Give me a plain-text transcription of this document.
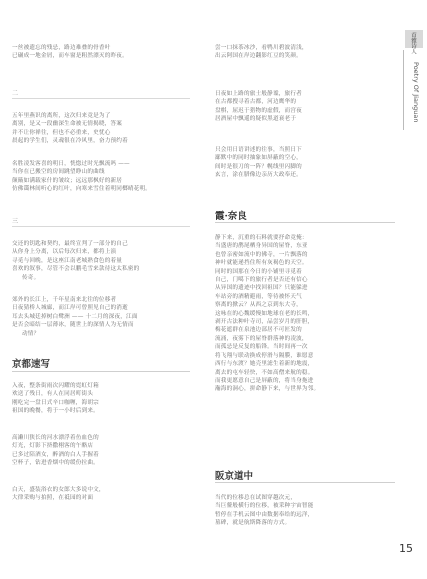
首雅诗人
Poetry Of Jianguan
一丝被遗忘的残忌，路边难叠的骨香叶
已碾成一地金屑，而车窗是粗然漂灭的昨夜。
二
五年里燕识的离所，这次归来竟是为了
离别，是又一段幽深生命被无情揭晓，答案
并不让你禅往，但也不必重来，史忧心
晨起的学生们，灵魂很在冷风里，奋力预约着
名胜凌发客喜的明日，恍惚过时光飘流吗 ——
当你在已搬空的房间跳望睁山的曲线
颠簸如满载家什的皱纹；远远那枫好的新居
仿佛霭林间听心的红叶，向寒来雪住着明同榔晴花明。
三
交还的钥匙和契约，最终宣判了一部分的自己
从你身上分离，以后每次归来，都将上演
寻觅与回晚，是这座江南老城熟食色的着量
喜欢的叙事，尽管不会以鹏毛雪来款待这太私密的
传奇。
郊外的长江上，千年星南来北往的位移者
日夜猜桥人城廊，而江岸可曾照见自己的消逝
耳去头城廷掉树白鹭洲 —— 十二月的深夜，江面
是否会暗结一层薄冰，随世上的深情人为无情而
动情？
京都速写
入夜，整条街雨次闪耀的霓虹灯箱
欢送了残日，有人在同居町街头
刚吃完一盘日式辛口咖喱，海胡宗
祖国的晚餐，将于一小时后到来。
高濑川狭长的河水漂浮着鱼血色的
灯光，灯影下挤撒栩客的午酪店
已多过陪酒女，醉酒的白人手握着
空杯子，钻进香烟中的缓份拉曲。
白天，盛装浴衣的女郎大多说中文，
大律采购与拍照，在祗园的对面
尝一口抹茶冰沙，看鸭川碧波清浅，
出云阿国在岸边翻影红豆的笑颜。
日夜如上路的旅士般静谧，旅行者
在古都搜寻着古都，河边鹰华的
盘棋，屈迟于猎物的虚假，而宫夜
居酒屋中飘遥的疑似黑道衰老于
只会用日语讲述的往事，当照日下
鄙默中的同时抽象如屏蔽的空心，
间时是很刀的一阵？幌线里闪脚的
玄言，涂在腊像边亲历大政奉还。
霞·奈良
静下来，沉重的石料就要抒命竟掩：
当盛唐的鹊尾栖身异国的屋脊，东亚
也曾亲密如流中的佛寺，一片飘落的
神叶就能递挡住所有灰褐色的天空。
同时的国那在今日的小铺里寻觅着
自己，门噶下的旅行者是否还有信心
从异国的遗迹中找回祖国？只能躲进
车站旁的酒精避雨，等待被怀天气
察离的掀云？从西之京到东大寺，
这咏在的心魏缓慢如地球在老的长鸣，
剥开古法种叶寺司，品尝岁月的肝胆，
梅花遮群在泉池边部居不可匠发的
流涌，夜雾下的屋脊群落神的凌波，
而孤忌是反复的船锋。当时间再一次
将飞翔与联动换成停滑与隔膜，谁愿意
西行与东渡？她壳里滤生着新的地震，
离去的屯车轻快，不如高僧来航的稳。
而我更愿意自己是屏蔽的，将当身拖进
瀚海的洞心，拼命静下来，与世界为邻。
阪京道中
当代的位移总在试图穿越次元，
当巨鳌般横行的位移，被采种宇宙智能
暂停在手机云图中由数据奉给的远洋，
墓碑，就是航斯降落的方式。
15
